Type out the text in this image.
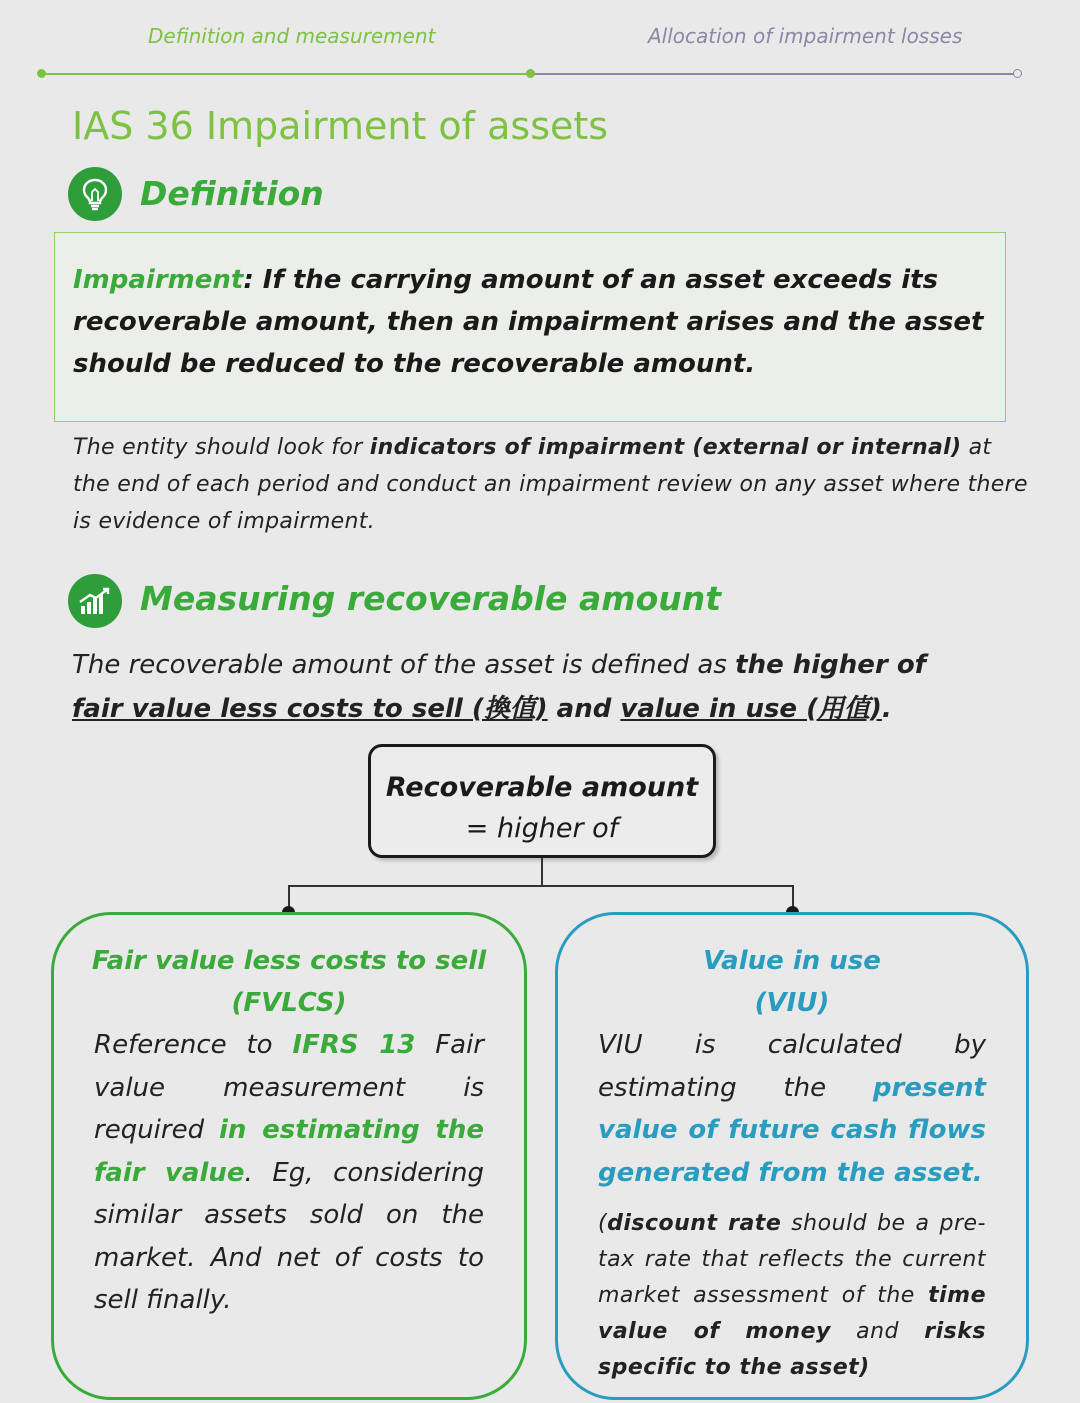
Definition and measurement	Allocation of impairment losses
IAS 36 Impairment of assets
Definition
Impairment: If the carrying amount of an asset exceeds its recoverable amount, then an impairment arises and the asset should be reduced to the recoverable amount.
The entity should look for indicators of impairment (external or internal) at the end of each period and conduct an impairment review on any asset where there is evidence of impairment.
Measuring recoverable amount
The recoverable amount of the asset is defined as the higher of
fair value less costs to sell (換值) and value in use (用值).
Recoverable amount
= higher of
Fair value less costs to sell
(FVLCS)
Reference to IFRS 13 Fair value measurement is required in estimating the fair value. Eg, considering similar assets sold on the market. And net of costs to sell finally.
Value in use
(VIU)
VIU is calculated by estimating the present value of future cash flows generated from the asset.
(discount rate should be a pre-tax rate that reflects the current market assessment of the time value of money and risks specific to the asset)
